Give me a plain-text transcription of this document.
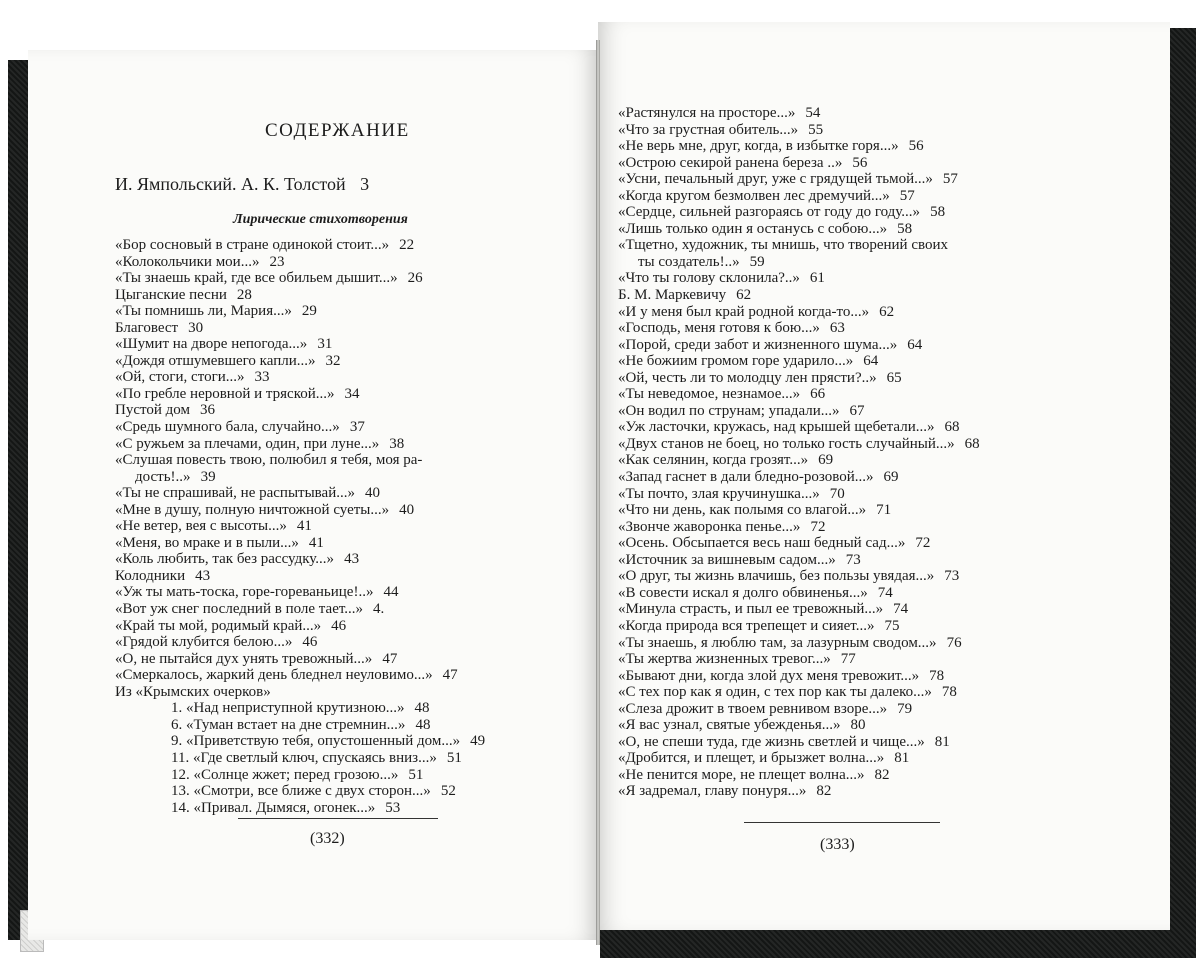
СОДЕРЖАНИЕ
И. Ямпольский. А. К. Толстой 3
Лирические стихотворения
«Бор сосновый в стране одинокой стоит...» 22
«Колокольчики мои...» 23
«Ты знаешь край, где все обильем дышит...» 26
Цыганские песни 28
«Ты помнишь ли, Мария...» 29
Благовест 30
«Шумит на дворе непогода...» 31
«Дождя отшумевшего капли...» 32
«Ой, стоги, стоги...» 33
«По гребле неровной и тряской...» 34
Пустой дом 36
«Средь шумного бала, случайно...» 37
«С ружьем за плечами, один, при луне...» 38
«Слушая повесть твою, полюбил я тебя, моя ра-
дость!..» 39
«Ты не спрашивай, не распытывай...» 40
«Мне в душу, полную ничтожной суеты...» 40
«Не ветер, вея с высоты...» 41
«Меня, во мраке и в пыли...» 41
«Коль любить, так без рассудку...» 43
Колодники 43
«Уж ты мать-тоска, горе-гореваньице!..» 44
«Вот уж снег последний в поле тает...» 4.
«Край ты мой, родимый край...» 46
«Грядой клубится белою...» 46
«О, не пытайся дух унять тревожный...» 47
«Смеркалось, жаркий день бледнел неуловимо...» 47
Из «Крымских очерков»
1. «Над неприступной крутизною...» 48
6. «Туман встает на дне стремнин...» 48
9. «Приветствую тебя, опустошенный дом...» 49
11. «Где светлый ключ, спускаясь вниз...» 51
12. «Солнце жжет; перед грозою...» 51
13. «Смотри, все ближе с двух сторон...» 52
14. «Привал. Дымяся, огонек...» 53
«Растянулся на просторе...» 54
«Что за грустная обитель...» 55
«Не верь мне, друг, когда, в избытке горя...» 56
«Острою секирой ранена береза ..» 56
«Усни, печальный друг, уже с грядущей тьмой...» 57
«Когда кругом безмолвен лес дремучий...» 57
«Сердце, сильней разгораясь от году до году...» 58
«Лишь только один я останусь с собою...» 58
«Тщетно, художник, ты мнишь, что творений своих
ты создатель!..» 59
«Что ты голову склонила?..» 61
Б. М. Маркевичу 62
«И у меня был край родной когда-то...» 62
«Господь, меня готовя к бою...» 63
«Порой, среди забот и жизненного шума...» 64
«Не божиим громом горе ударило...» 64
«Ой, честь ли то молодцу лен прясти?..» 65
«Ты неведомое, незнамое...» 66
«Он водил по струнам; упадали...» 67
«Уж ласточки, кружась, над крышей щебетали...» 68
«Двух станов не боец, но только гость случайный...» 68
«Как селянин, когда грозят...» 69
«Запад гаснет в дали бледно-розовой...» 69
«Ты почто, злая кручинушка...» 70
«Что ни день, как полымя со влагой...» 71
«Звонче жаворонка пенье...» 72
«Осень. Обсыпается весь наш бедный сад...» 72
«Источник за вишневым садом...» 73
«О друг, ты жизнь влачишь, без пользы увядая...» 73
«В совести искал я долго обвиненья...» 74
«Минула страсть, и пыл ее тревожный...» 74
«Когда природа вся трепещет и сияет...» 75
«Ты знаешь, я люблю там, за лазурным сводом...» 76
«Ты жертва жизненных тревог...» 77
«Бывают дни, когда злой дух меня тревожит...» 78
«С тех пор как я один, с тех пор как ты далеко...» 78
«Слеза дрожит в твоем ревнивом взоре...» 79
«Я вас узнал, святые убежденья...» 80
«О, не спеши туда, где жизнь светлей и чище...» 81
«Дробится, и плещет, и брызжет волна...» 81
«Не пенится море, не плещет волна...» 82
«Я задремал, главу понуря...» 82
(332)	(333)
